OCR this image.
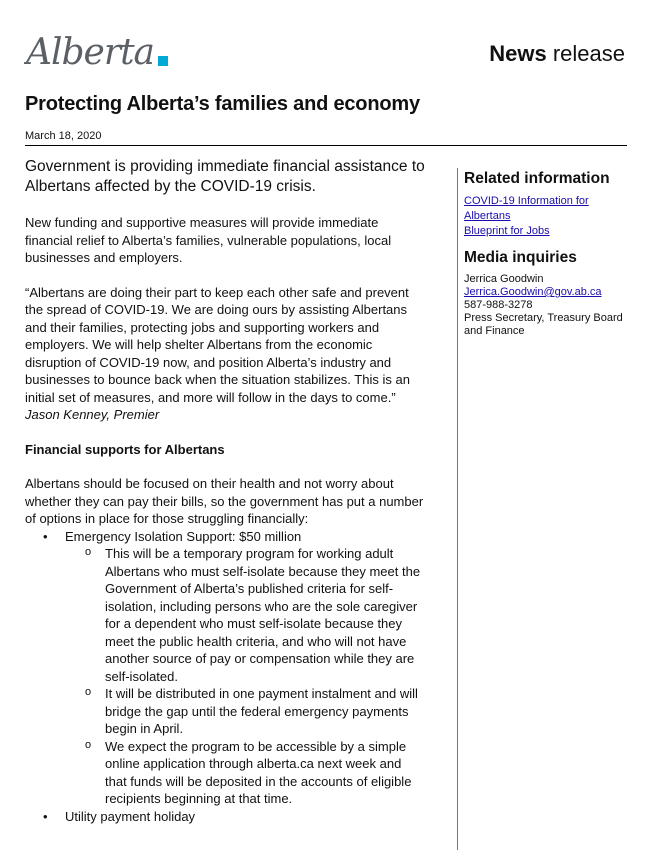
Alberta	News release
Protecting Alberta’s families and economy
March 18, 2020

Government is providing immediate financial assistance to Albertans affected by the COVID-19 crisis.

New funding and supportive measures will provide immediate financial relief to Alberta’s families, vulnerable populations, local businesses and employers.

“Albertans are doing their part to keep each other safe and prevent the spread of COVID-19. We are doing ours by assisting Albertans and their families, protecting jobs and supporting workers and employers. We will help shelter Albertans from the economic disruption of COVID-19 now, and position Alberta’s industry and businesses to bounce back when the situation stabilizes. This is an initial set of measures, and more will follow in the days to come.”

Jason Kenney, Premier

Financial supports for Albertans

Albertans should be focused on their health and not worry about whether they can pay their bills, so the government has put a number of options in place for those struggling financially:

• Emergency Isolation Support: $50 million
o This will be a temporary program for working adult Albertans who must self-isolate because they meet the Government of Alberta’s published criteria for self-isolation, including persons who are the sole caregiver for a dependent who must self-isolate because they meet the public health criteria, and who will not have another source of pay or compensation while they are self-isolated.
o It will be distributed in one payment instalment and will bridge the gap until the federal emergency payments begin in April.
o We expect the program to be accessible by a simple online application through alberta.ca next week and that funds will be deposited in the accounts of eligible recipients beginning at that time.
• Utility payment holiday
Related information
COVID-19 Information for Albertans
Blueprint for Jobs
Media inquiries
Jerrica Goodwin
Jerrica.Goodwin@gov.ab.ca
587-988-3278
Press Secretary, Treasury Board and Finance
